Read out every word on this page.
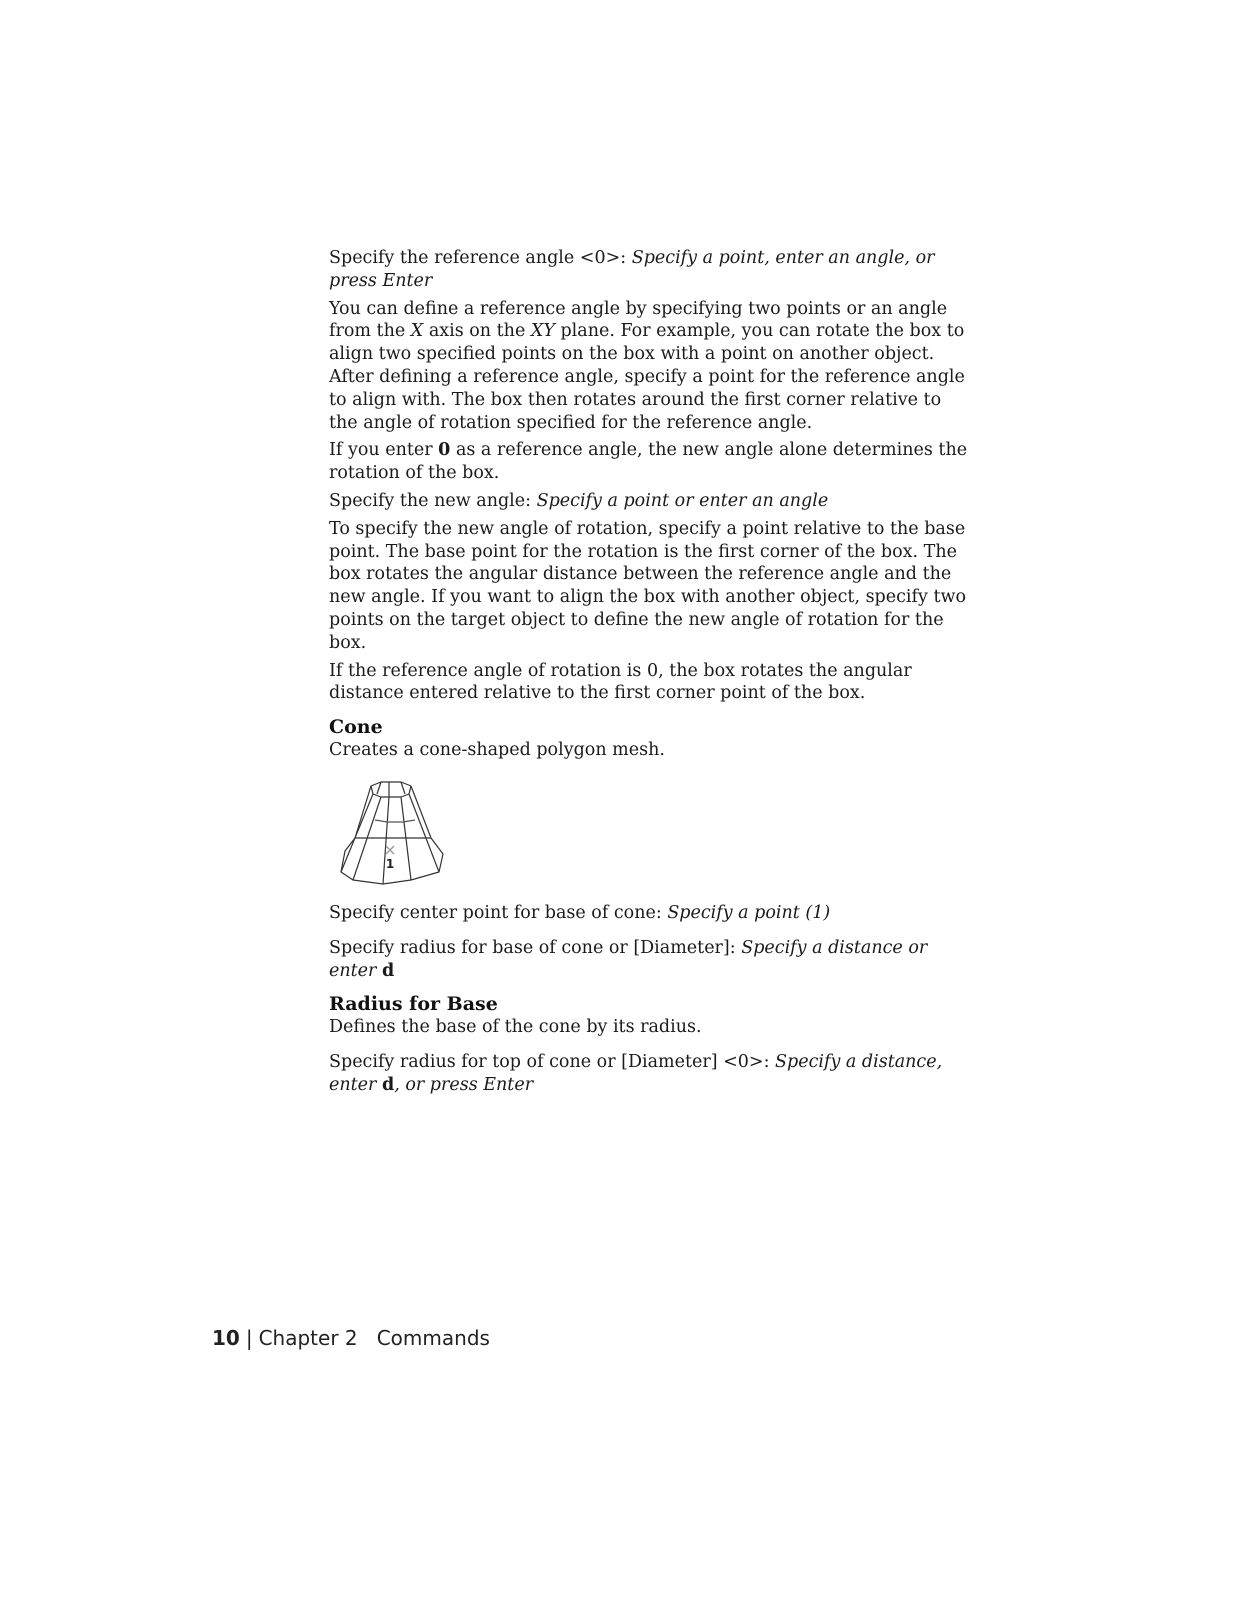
Specify the reference angle <0>: Specify a point, enter an angle, or press Enter

You can define a reference angle by specifying two points or an angle from the X axis on the XY plane. For example, you can rotate the box to align two specified points on the box with a point on another object. After defining a reference angle, specify a point for the reference angle to align with. The box then rotates around the first corner relative to the angle of rotation specified for the reference angle.

If you enter 0 as a reference angle, the new angle alone determines the rotation of the box.

Specify the new angle: Specify a point or enter an angle

To specify the new angle of rotation, specify a point relative to the base point. The base point for the rotation is the first corner of the box. The box rotates the angular distance between the reference angle and the new angle. If you want to align the box with another object, specify two points on the target object to define the new angle of rotation for the box.

If the reference angle of rotation is 0, the box rotates the angular distance entered relative to the first corner point of the box.

Cone

Creates a cone-shaped polygon mesh.

1

Specify center point for base of cone: Specify a point (1)

Specify radius for base of cone or [Diameter]: Specify a distance or enter d

Radius for Base

Defines the base of the cone by its radius.

Specify radius for top of cone or [Diameter] <0>: Specify a distance, enter d, or press Enter

10 | Chapter 2 Commands
